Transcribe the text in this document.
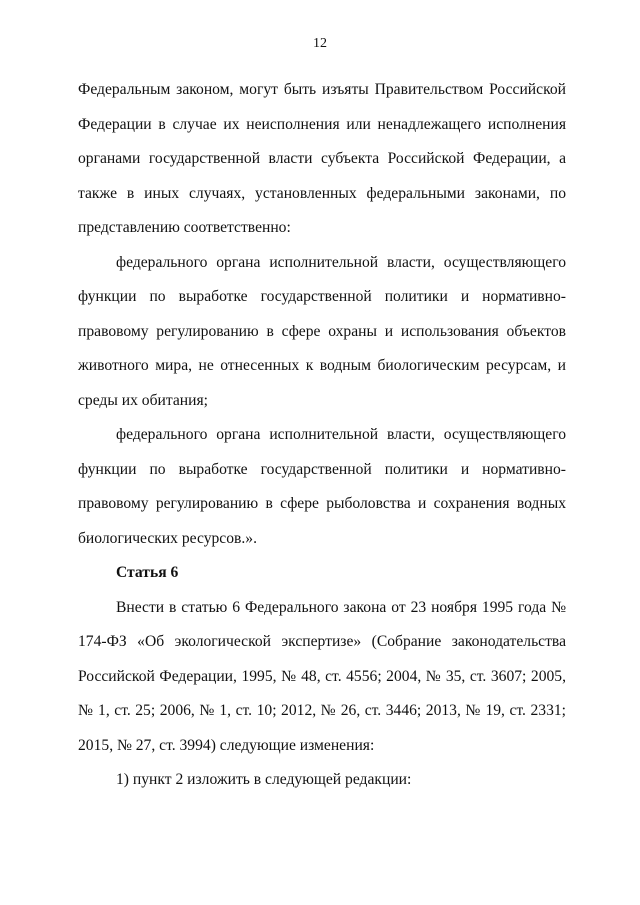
12

Федеральным законом, могут быть изъяты Правительством Российской Федерации в случае их неисполнения или ненадлежащего исполнения органами государственной власти субъекта Российской Федерации, а также в иных случаях, установленных федеральными законами, по представлению соответственно:

федерального органа исполнительной власти, осуществляющего функции по выработке государственной политики и нормативно-правовому регулированию в сфере охраны и использования объектов животного мира, не отнесенных к водным биологическим ресурсам, и среды их обитания;

федерального органа исполнительной власти, осуществляющего функции по выработке государственной политики и нормативно-правовому регулированию в сфере рыболовства и сохранения водных биологических ресурсов.».

Статья 6

Внести в статью 6 Федерального закона от 23 ноября 1995 года № 174-ФЗ «Об экологической экспертизе» (Собрание законодательства Российской Федерации, 1995, № 48, ст. 4556; 2004, № 35, ст. 3607; 2005, № 1, ст. 25; 2006, № 1, ст. 10; 2012, № 26, ст. 3446; 2013, № 19, ст. 2331; 2015, № 27, ст. 3994) следующие изменения:

1) пункт 2 изложить в следующей редакции:
